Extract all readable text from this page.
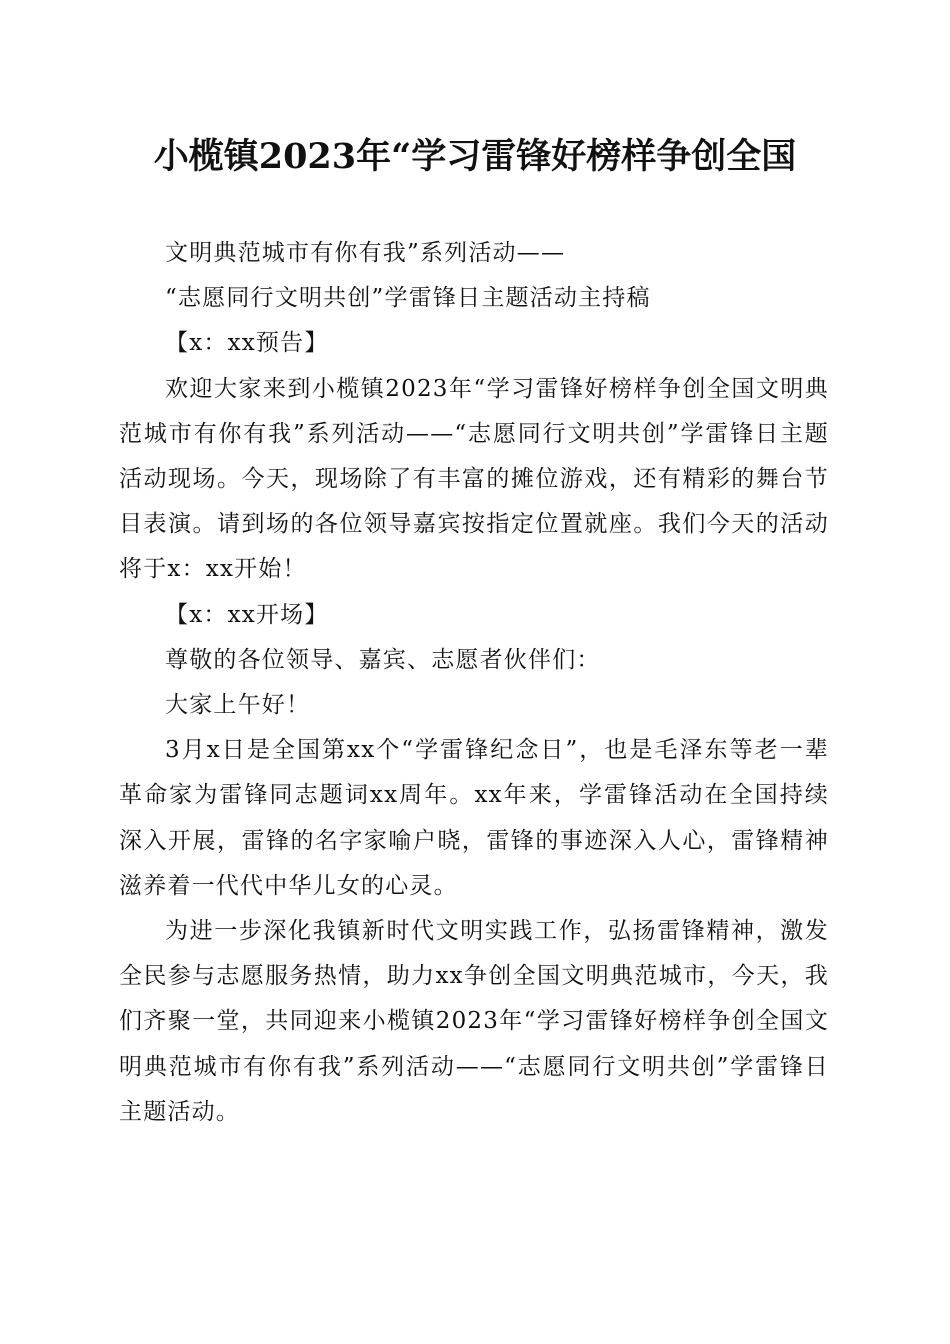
小榄镇2023年“学习雷锋好榜样争创全国

文明典范城市有你有我”系列活动——

“志愿同行文明共创”学雷锋日主题活动主持稿

【x：xx预告】

欢迎大家来到小榄镇2023年“学习雷锋好榜样争创全国文明典范城市有你有我”系列活动——“志愿同行文明共创”学雷锋日主题活动现场。今天，现场除了有丰富的摊位游戏，还有精彩的舞台节目表演。请到场的各位领导嘉宾按指定位置就座。我们今天的活动将于x：xx开始！

【x：xx开场】

尊敬的各位领导、嘉宾、志愿者伙伴们：

大家上午好！

3月x日是全国第xx个“学雷锋纪念日”，也是毛泽东等老一辈革命家为雷锋同志题词xx周年。xx年来，学雷锋活动在全国持续深入开展，雷锋的名字家喻户晓，雷锋的事迹深入人心，雷锋精神滋养着一代代中华儿女的心灵。

为进一步深化我镇新时代文明实践工作，弘扬雷锋精神，激发全民参与志愿服务热情，助力xx争创全国文明典范城市，今天，我们齐聚一堂，共同迎来小榄镇2023年“学习雷锋好榜样争创全国文明典范城市有你有我”系列活动——“志愿同行文明共创”学雷锋日主题活动。
